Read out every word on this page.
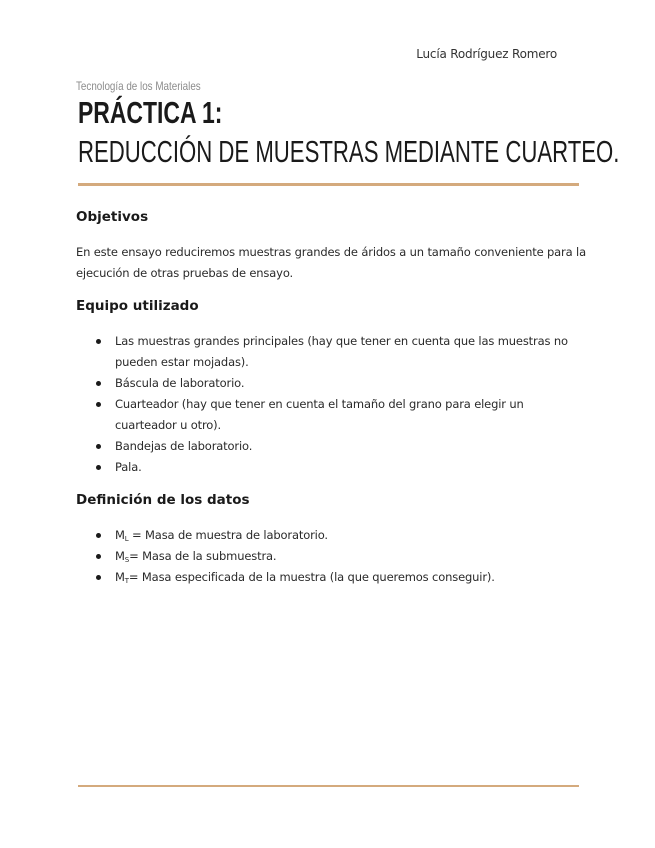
Lucía Rodríguez Romero
Tecnología de los Materiales
PRÁCTICA 1:
REDUCCIÓN DE MUESTRAS MEDIANTE CUARTEO.
Objetivos
En este ensayo reduciremos muestras grandes de áridos a un tamaño conveniente para la ejecución de otras pruebas de ensayo.
Equipo utilizado
Las muestras grandes principales (hay que tener en cuenta que las muestras no pueden estar mojadas).
Báscula de laboratorio.
Cuarteador (hay que tener en cuenta el tamaño del grano para elegir un cuarteador u otro).
Bandejas de laboratorio.
Pala.
Definición de los datos
$M_L$ = Masa de muestra de laboratorio.
$M_S=$ Masa de la submuestra.
$M_T=$ Masa especificada de la muestra (la que queremos conseguir).
